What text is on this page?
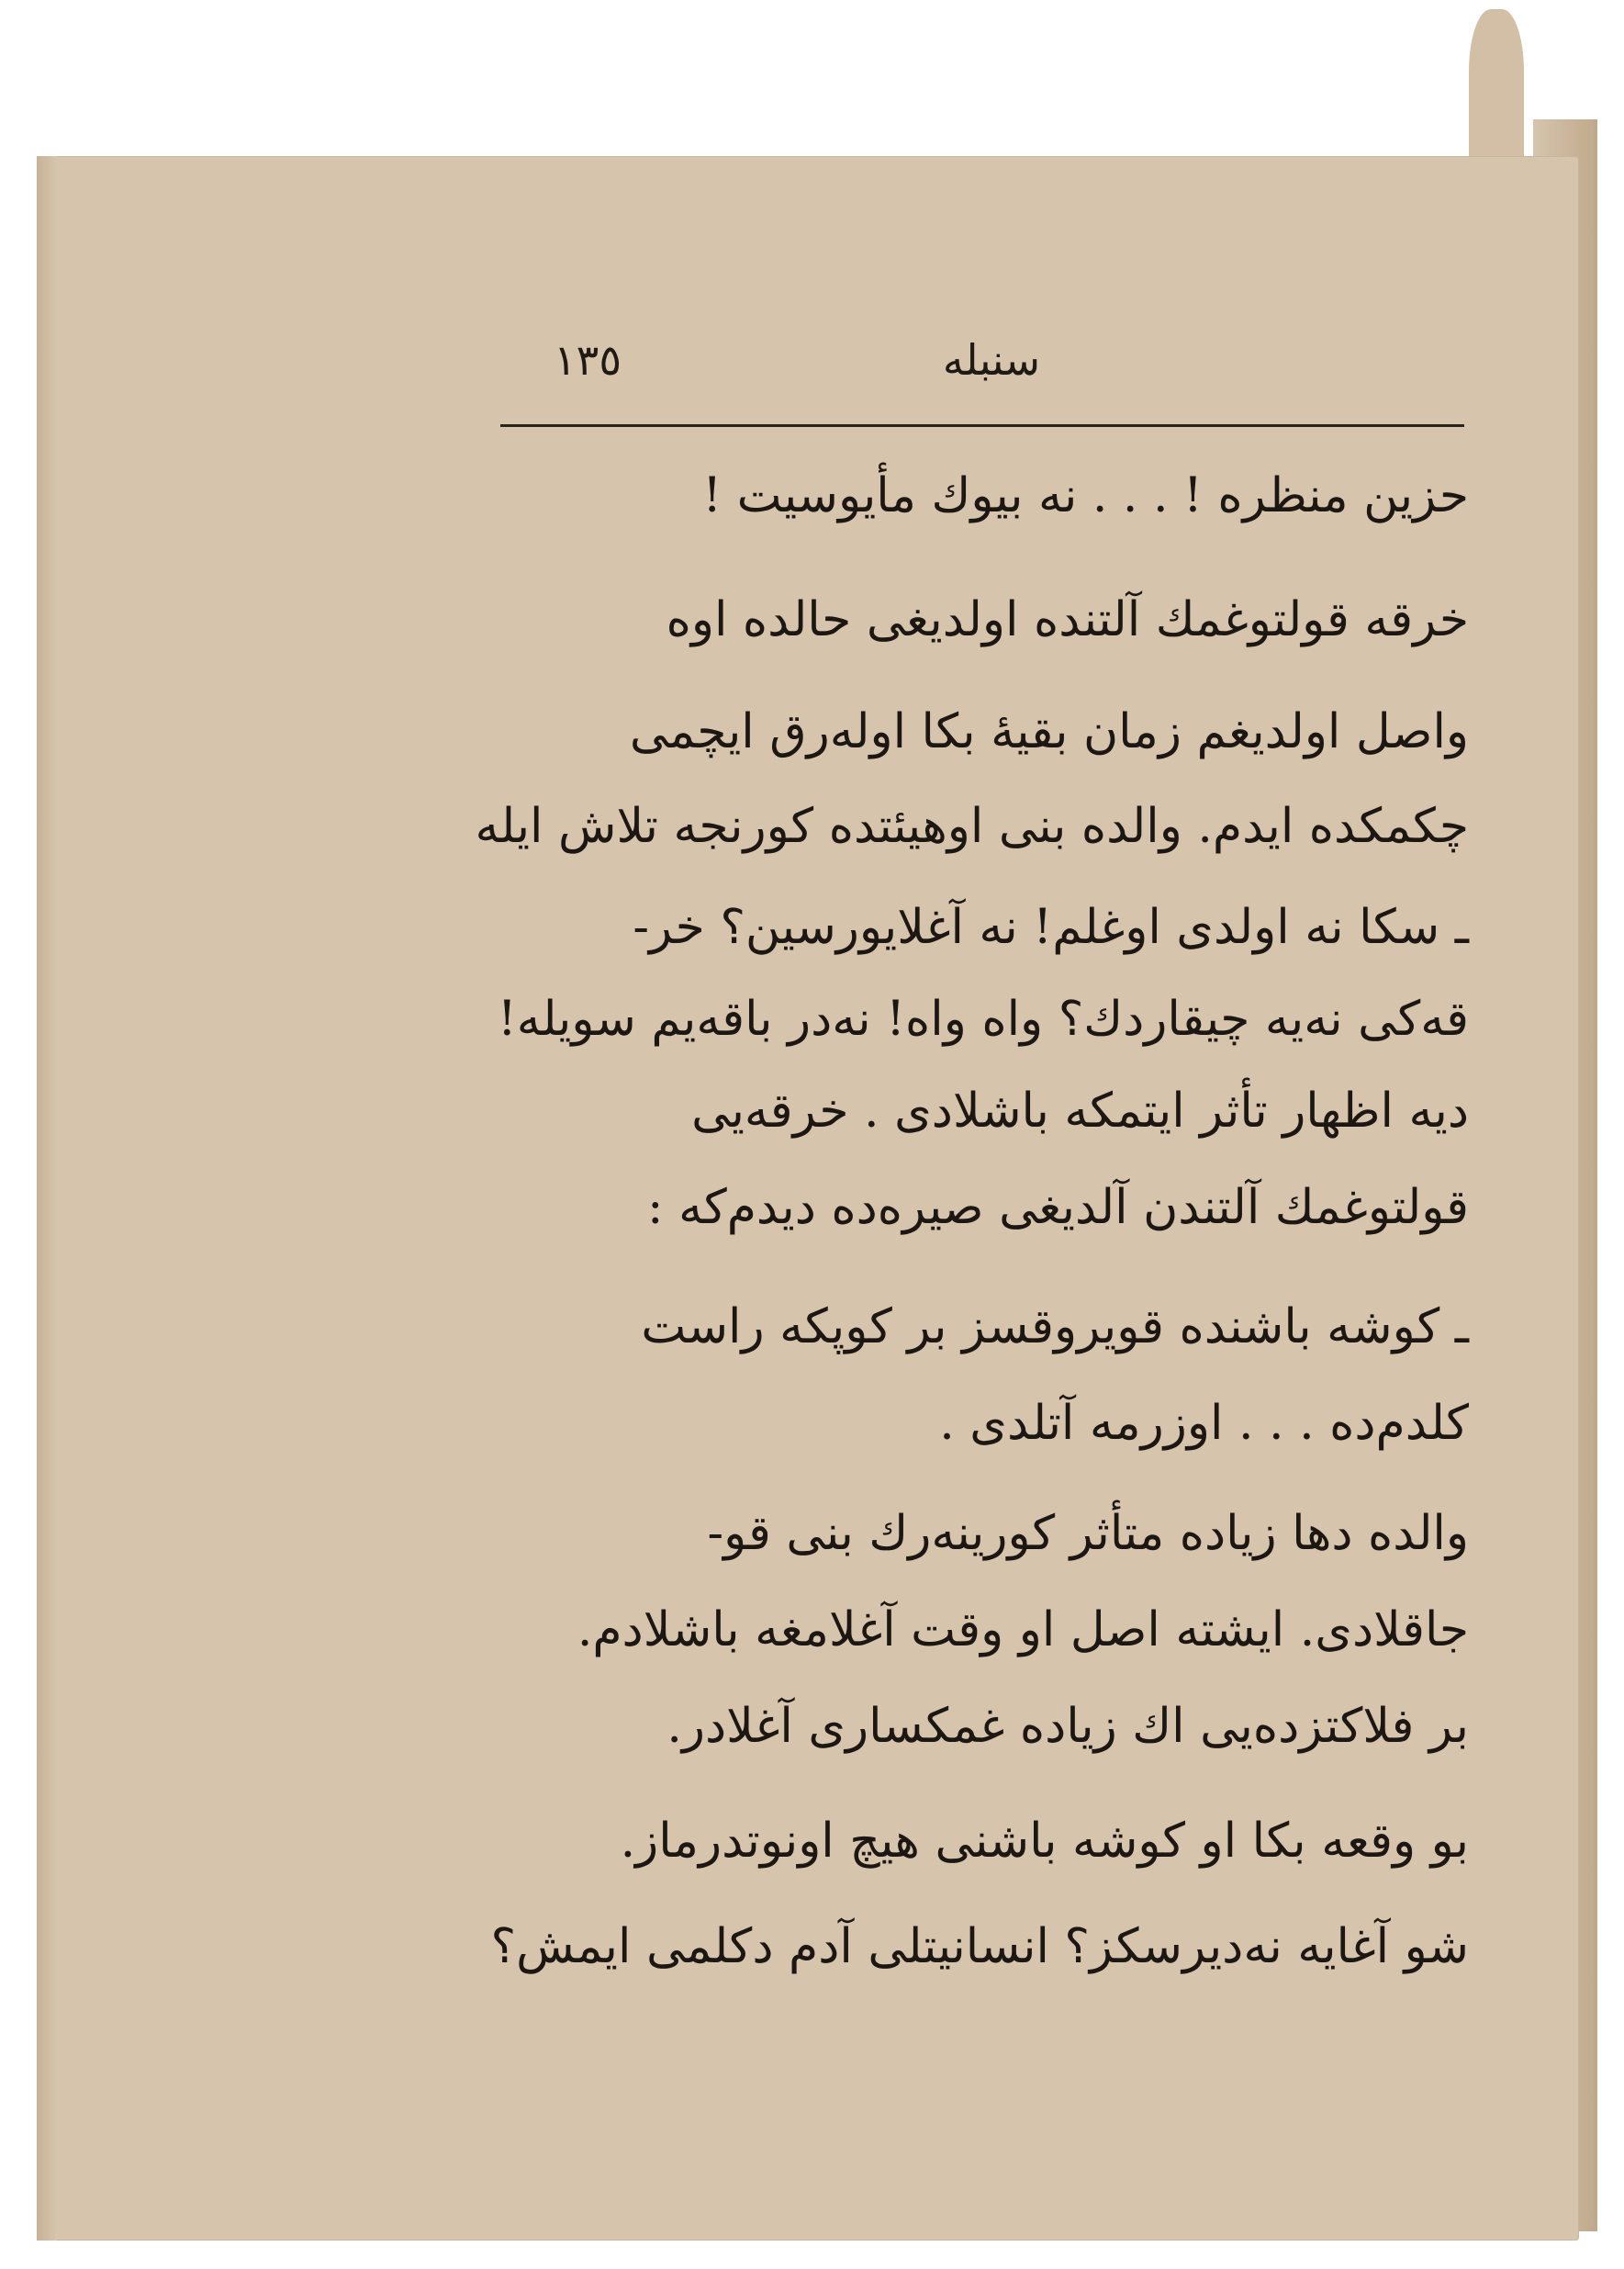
١٣٥	سنبله
حزين منظره ! . . . نه بيوك مأيوسيت !
خرقه قولتوغمك آلتنده اولديغى حالده اوه
واصل اولديغم زمان بقيه‌ٔ بكا اوله‌رق ايچمى
چكمكده ايدم. والده بنى اوهيئتده كورنجه تلاش ايله
ـ سكا نه اولدى اوغلم! نه آغلايورسين؟ خر-
قه‌كى نه‌يه چيقاردك؟ واه واه! نه‌در باقه‌يم سويله!
ديه اظهار تأثر ايتمكه باشلادى . خرقه‌يى
قولتوغمك آلتندن آلديغى صيره‌ده ديدم‌كه :
ـ كوشه باشنده قويروقسز بر كوپكه راست
كلدم‌ده . . . اوزرمه آتلدى .
والده دها زياده متأثر كورينه‌رك بنى قو-
جاقلادى. ايشته اصل او وقت آغلامغه باشلادم.
بر فلاكتزده‌يى اك زياده غمكسارى آغلادر.
بو وقعه بكا او كوشه باشنى هيچ اونوتدرماز.
شو آغايه نه‌ديرسكز؟ انسانيتلى آدم دكلمى ايمش؟
